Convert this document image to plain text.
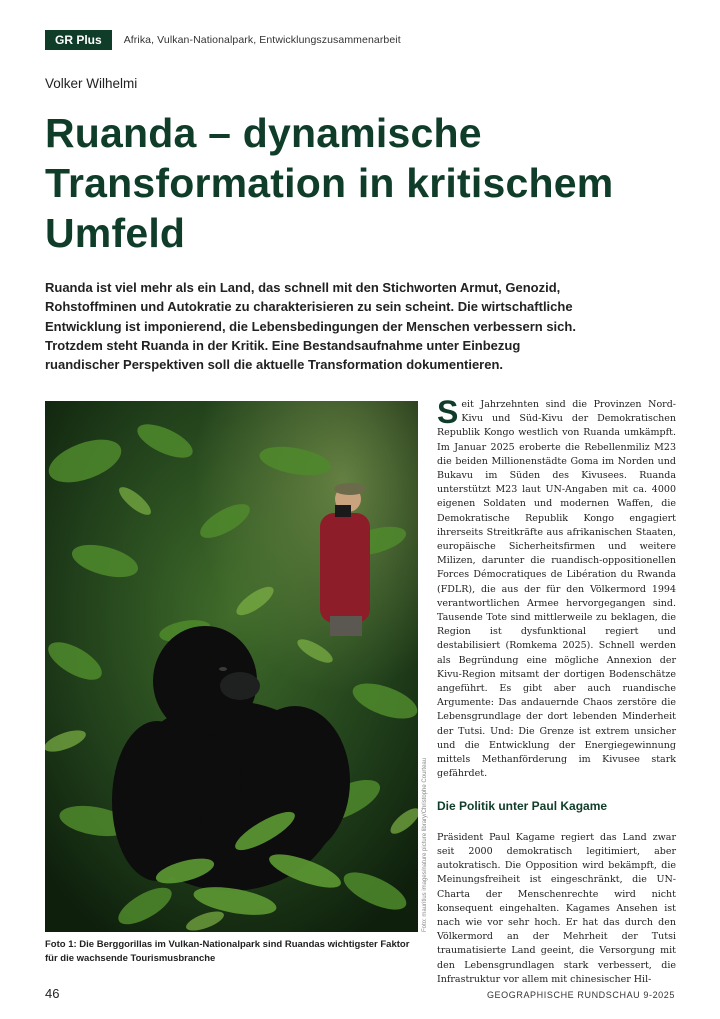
GR Plus	Afrika, Vulkan-Nationalpark, Entwicklungszusammenarbeit
Volker Wilhelmi
Ruanda – dynamische Transformation in kritischem Umfeld

Ruanda ist viel mehr als ein Land, das schnell mit den Stichworten Armut, Genozid, Rohstoffminen und Autokratie zu charakterisieren zu sein scheint. Die wirtschaftliche Entwicklung ist imponierend, die Lebensbedingungen der Menschen verbessern sich. Trotzdem steht Ruanda in der Kritik. Eine Bestandsaufnahme unter Einbezug ruandischer Perspektiven soll die aktuelle Transformation dokumentieren.

Foto: mauritius images/nature picture library/Christophe Courteau

Foto 1: Die Berggorillas im Vulkan-Nationalpark sind Ruandas wichtigster Faktor für die wachsende Tourismusbranche

Seit Jahrzehnten sind die Provinzen Nord-Kivu und Süd-Kivu der Demokratischen Republik Kongo westlich von Ruanda umkämpft. Im Januar 2025 eroberte die Rebellenmiliz M23 die beiden Millionenstädte Goma im Norden und Bukavu im Süden des Kivusees. Ruanda unterstützt M23 laut UN-Angaben mit ca. 4000 eigenen Soldaten und modernen Waffen, die Demokratische Republik Kongo engagiert ihrerseits Streitkräfte aus afrikanischen Staaten, europäische Sicherheitsfirmen und weitere Milizen, darunter die ruandisch-oppositionellen Forces Démocratiques de Libération du Rwanda (FDLR), die aus der für den Völkermord 1994 verantwortlichen Armee hervorgegangen sind. Tausende Tote sind mittlerweile zu beklagen, die Region ist dysfunktional regiert und destabilisiert (Romkema 2025). Schnell werden als Begründung eine mögliche Annexion der Kivu-Region mitsamt der dortigen Bodenschätze angeführt. Es gibt aber auch ruandische Argumente: Das andauernde Chaos zerstöre die Lebensgrundlage der dort lebenden Minderheit der Tutsi. Und: Die Grenze ist extrem unsicher und die Entwicklung der Energiegewinnung mittels Methanförderung im Kivusee stark gefährdet.

Die Politik unter Paul Kagame

Präsident Paul Kagame regiert das Land zwar seit 2000 demokratisch legitimiert, aber autokratisch. Die Opposition wird bekämpft, die Meinungsfreiheit ist eingeschränkt, die UN-Charta der Menschenrechte wird nicht konsequent eingehalten. Kagames Ansehen ist nach wie vor sehr hoch. Er hat das durch den Völkermord an der Mehrheit der Tutsi traumatisierte Land geeint, die Versorgung mit den Lebensgrundlagen stark verbessert, die Infrastruktur vor allem mit chinesischer Hil-

46	GEOGRAPHISCHE RUNDSCHAU 9-2025
